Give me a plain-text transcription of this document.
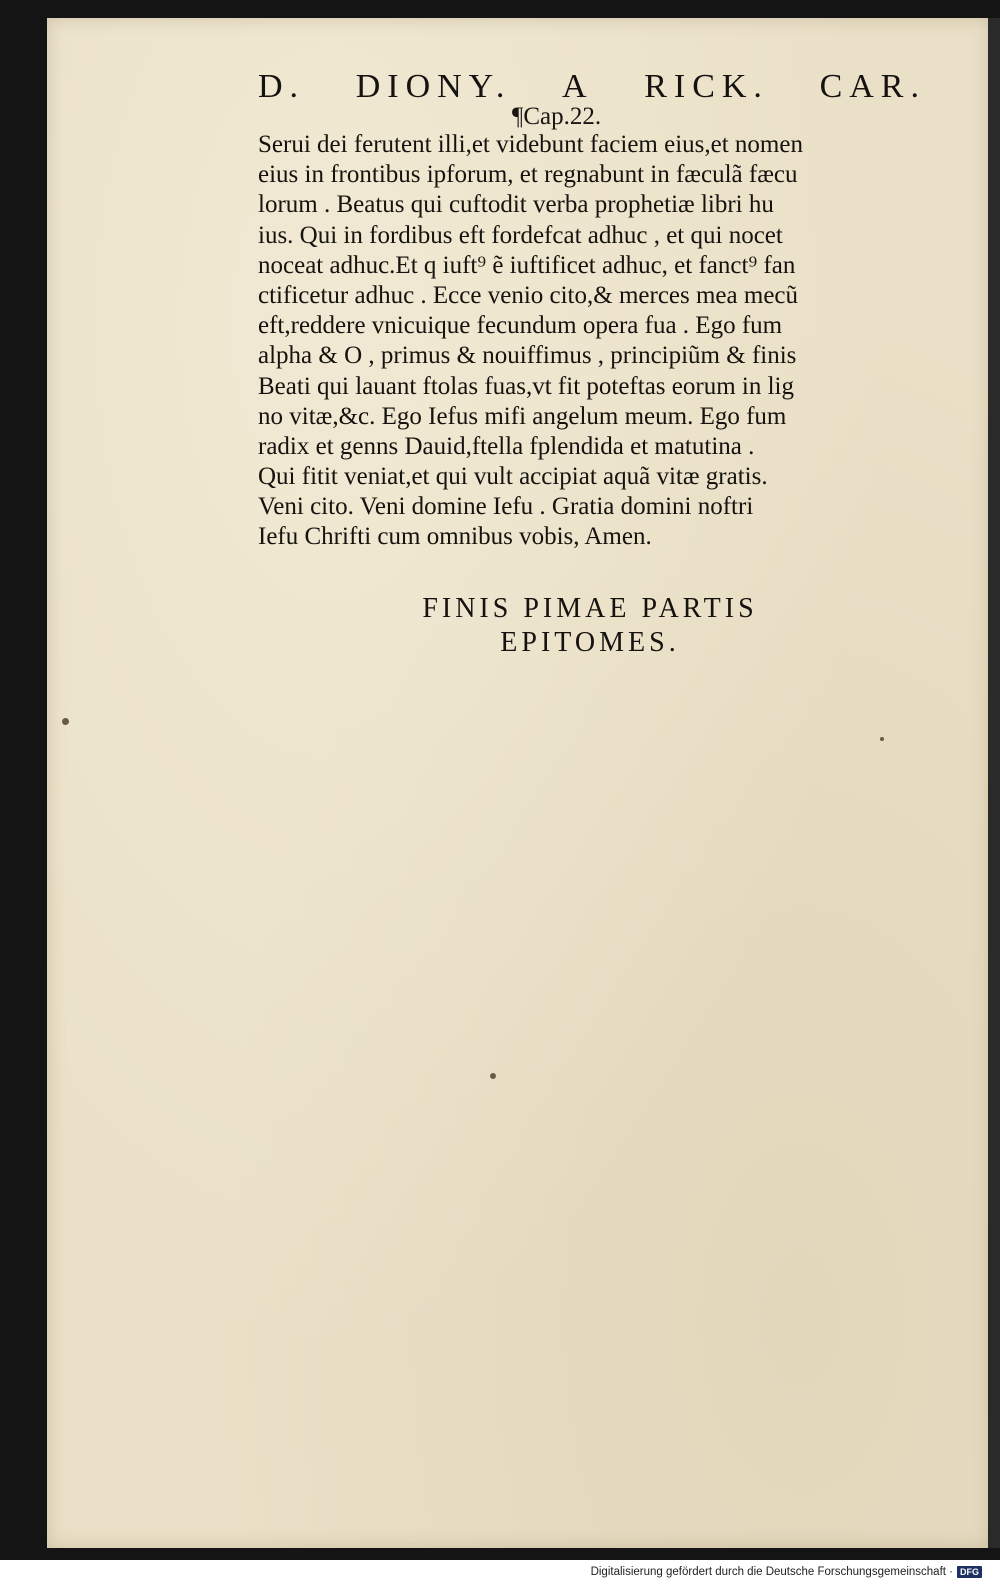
D. DIONY. A RICK. CAR.
¶Cap.22.
Serui dei ferutent illi,et videbunt faciem eius,et nomen
eius in frontibus ipforum, et regnabunt in fæculã fæcu
lorum . Beatus qui cuftodit verba prophetiæ libri hu
ius. Qui in fordibus eft fordefcat adhuc , et qui nocet
noceat adhuc.Et q iuft⁹ ẽ iuftificet adhuc, et fanct⁹ fan
ctificetur adhuc . Ecce venio cito,& merces mea mecũ
eft,reddere vnicuique fecundum opera fua . Ego fum
alpha & O , primus & nouiffimus , principiũm & finis
Beati qui lauant ftolas fuas,vt fit poteftas eorum in lig
no vitæ,&c. Ego Iefus mifi angelum meum. Ego fum
radix et genns Dauid,ftella fplendida et matutina .
Qui fitit veniat,et qui vult accipiat aquã vitæ gratis.
Veni cito. Veni domine Iefu . Gratia domini noftri
Iefu Chrifti cum omnibus vobis, Amen.
FINIS PIMAE PARTIS
EPITOMES.
Digitalisierung gefördert durch die Deutsche Forschungsgemeinschaft · DFG
